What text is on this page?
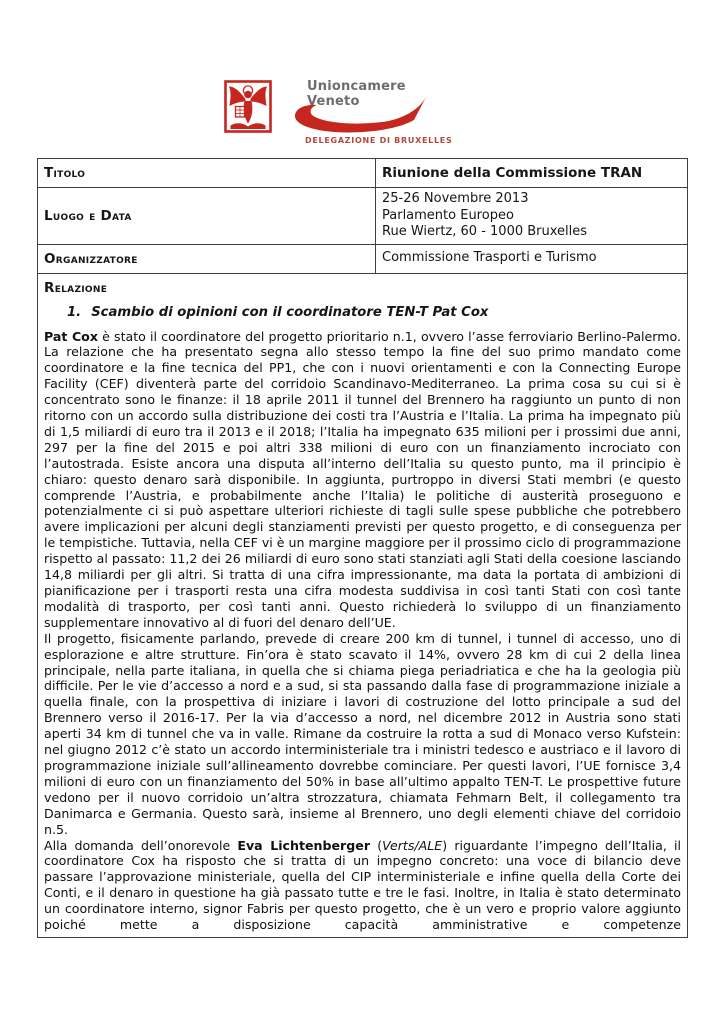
Unioncamere
Veneto
DELEGAZIONE DI BRUXELLES
Titolo	Riunione della Commissione TRAN

Luogo e Data	25-26 Novembre 2013
Parlamento Europeo
Rue Wiertz, 60 - 1000 Bruxelles

Organizzatore	Commissione Trasporti e Turismo

Relazione
1. Scambio di opinioni con il coordinatore TEN-T Pat Cox

Pat Cox è stato il coordinatore del progetto prioritario n.1, ovvero l’asse ferroviario Berlino-Palermo. La relazione che ha presentato segna allo stesso tempo la fine del suo primo mandato come coordinatore e la fine tecnica del PP1, che con i nuovi orientamenti e con la Connecting Europe Facility (CEF) diventerà parte del corridoio Scandinavo-Mediterraneo. La prima cosa su cui si è concentrato sono le finanze: il 18 aprile 2011 il tunnel del Brennero ha raggiunto un punto di non ritorno con un accordo sulla distribuzione dei costi tra l’Austria e l’Italia. La prima ha impegnato più di 1,5 miliardi di euro tra il 2013 e il 2018; l’Italia ha impegnato 635 milioni per i prossimi due anni, 297 per la fine del 2015 e poi altri 338 milioni di euro con un finanziamento incrociato con l’autostrada. Esiste ancora una disputa all’interno dell’Italia su questo punto, ma il principio è chiaro: questo denaro sarà disponibile. In aggiunta, purtroppo in diversi Stati membri (e questo comprende l’Austria, e probabilmente anche l’Italia) le politiche di austerità proseguono e potenzialmente ci si può aspettare ulteriori richieste di tagli sulle spese pubbliche che potrebbero avere implicazioni per alcuni degli stanziamenti previsti per questo progetto, e di conseguenza per le tempistiche. Tuttavia, nella CEF vi è un margine maggiore per il prossimo ciclo di programmazione rispetto al passato: 11,2 dei 26 miliardi di euro sono stati stanziati agli Stati della coesione lasciando 14,8 miliardi per gli altri. Si tratta di una cifra impressionante, ma data la portata di ambizioni di pianificazione per i trasporti resta una cifra modesta suddivisa in così tanti Stati con così tante modalità di trasporto, per così tanti anni. Questo richiederà lo sviluppo di un finanziamento supplementare innovativo al di fuori del denaro dell’UE.

Il progetto, fisicamente parlando, prevede di creare 200 km di tunnel, i tunnel di accesso, uno di esplorazione e altre strutture. Fin’ora è stato scavato il 14%, ovvero 28 km di cui 2 della linea principale, nella parte italiana, in quella che si chiama piega periadriatica e che ha la geologia più difficile. Per le vie d’accesso a nord e a sud, si sta passando dalla fase di programmazione iniziale a quella finale, con la prospettiva di iniziare i lavori di costruzione del lotto principale a sud del Brennero verso il 2016-17. Per la via d’accesso a nord, nel dicembre 2012 in Austria sono stati aperti 34 km di tunnel che va in valle. Rimane da costruire la rotta a sud di Monaco verso Kufstein: nel giugno 2012 c’è stato un accordo interministeriale tra i ministri tedesco e austriaco e il lavoro di programmazione iniziale sull’allineamento dovrebbe cominciare. Per questi lavori, l’UE fornisce 3,4 milioni di euro con un finanziamento del 50% in base all’ultimo appalto TEN-T. Le prospettive future vedono per il nuovo corridoio un’altra strozzatura, chiamata Fehmarn Belt, il collegamento tra Danimarca e Germania. Questo sarà, insieme al Brennero, uno degli elementi chiave del corridoio n.5.

Alla domanda dell’onorevole Eva Lichtenberger (Verts/ALE) riguardante l’impegno dell’Italia, il coordinatore Cox ha risposto che si tratta di un impegno concreto: una voce di bilancio deve passare l’approvazione ministeriale, quella del CIP interministeriale e infine quella della Corte dei Conti, e il denaro in questione ha già passato tutte e tre le fasi. Inoltre, in Italia è stato determinato un coordinatore interno, signor Fabris per questo progetto, che è un vero e proprio valore aggiunto poiché mette a disposizione capacità amministrative e competenze
